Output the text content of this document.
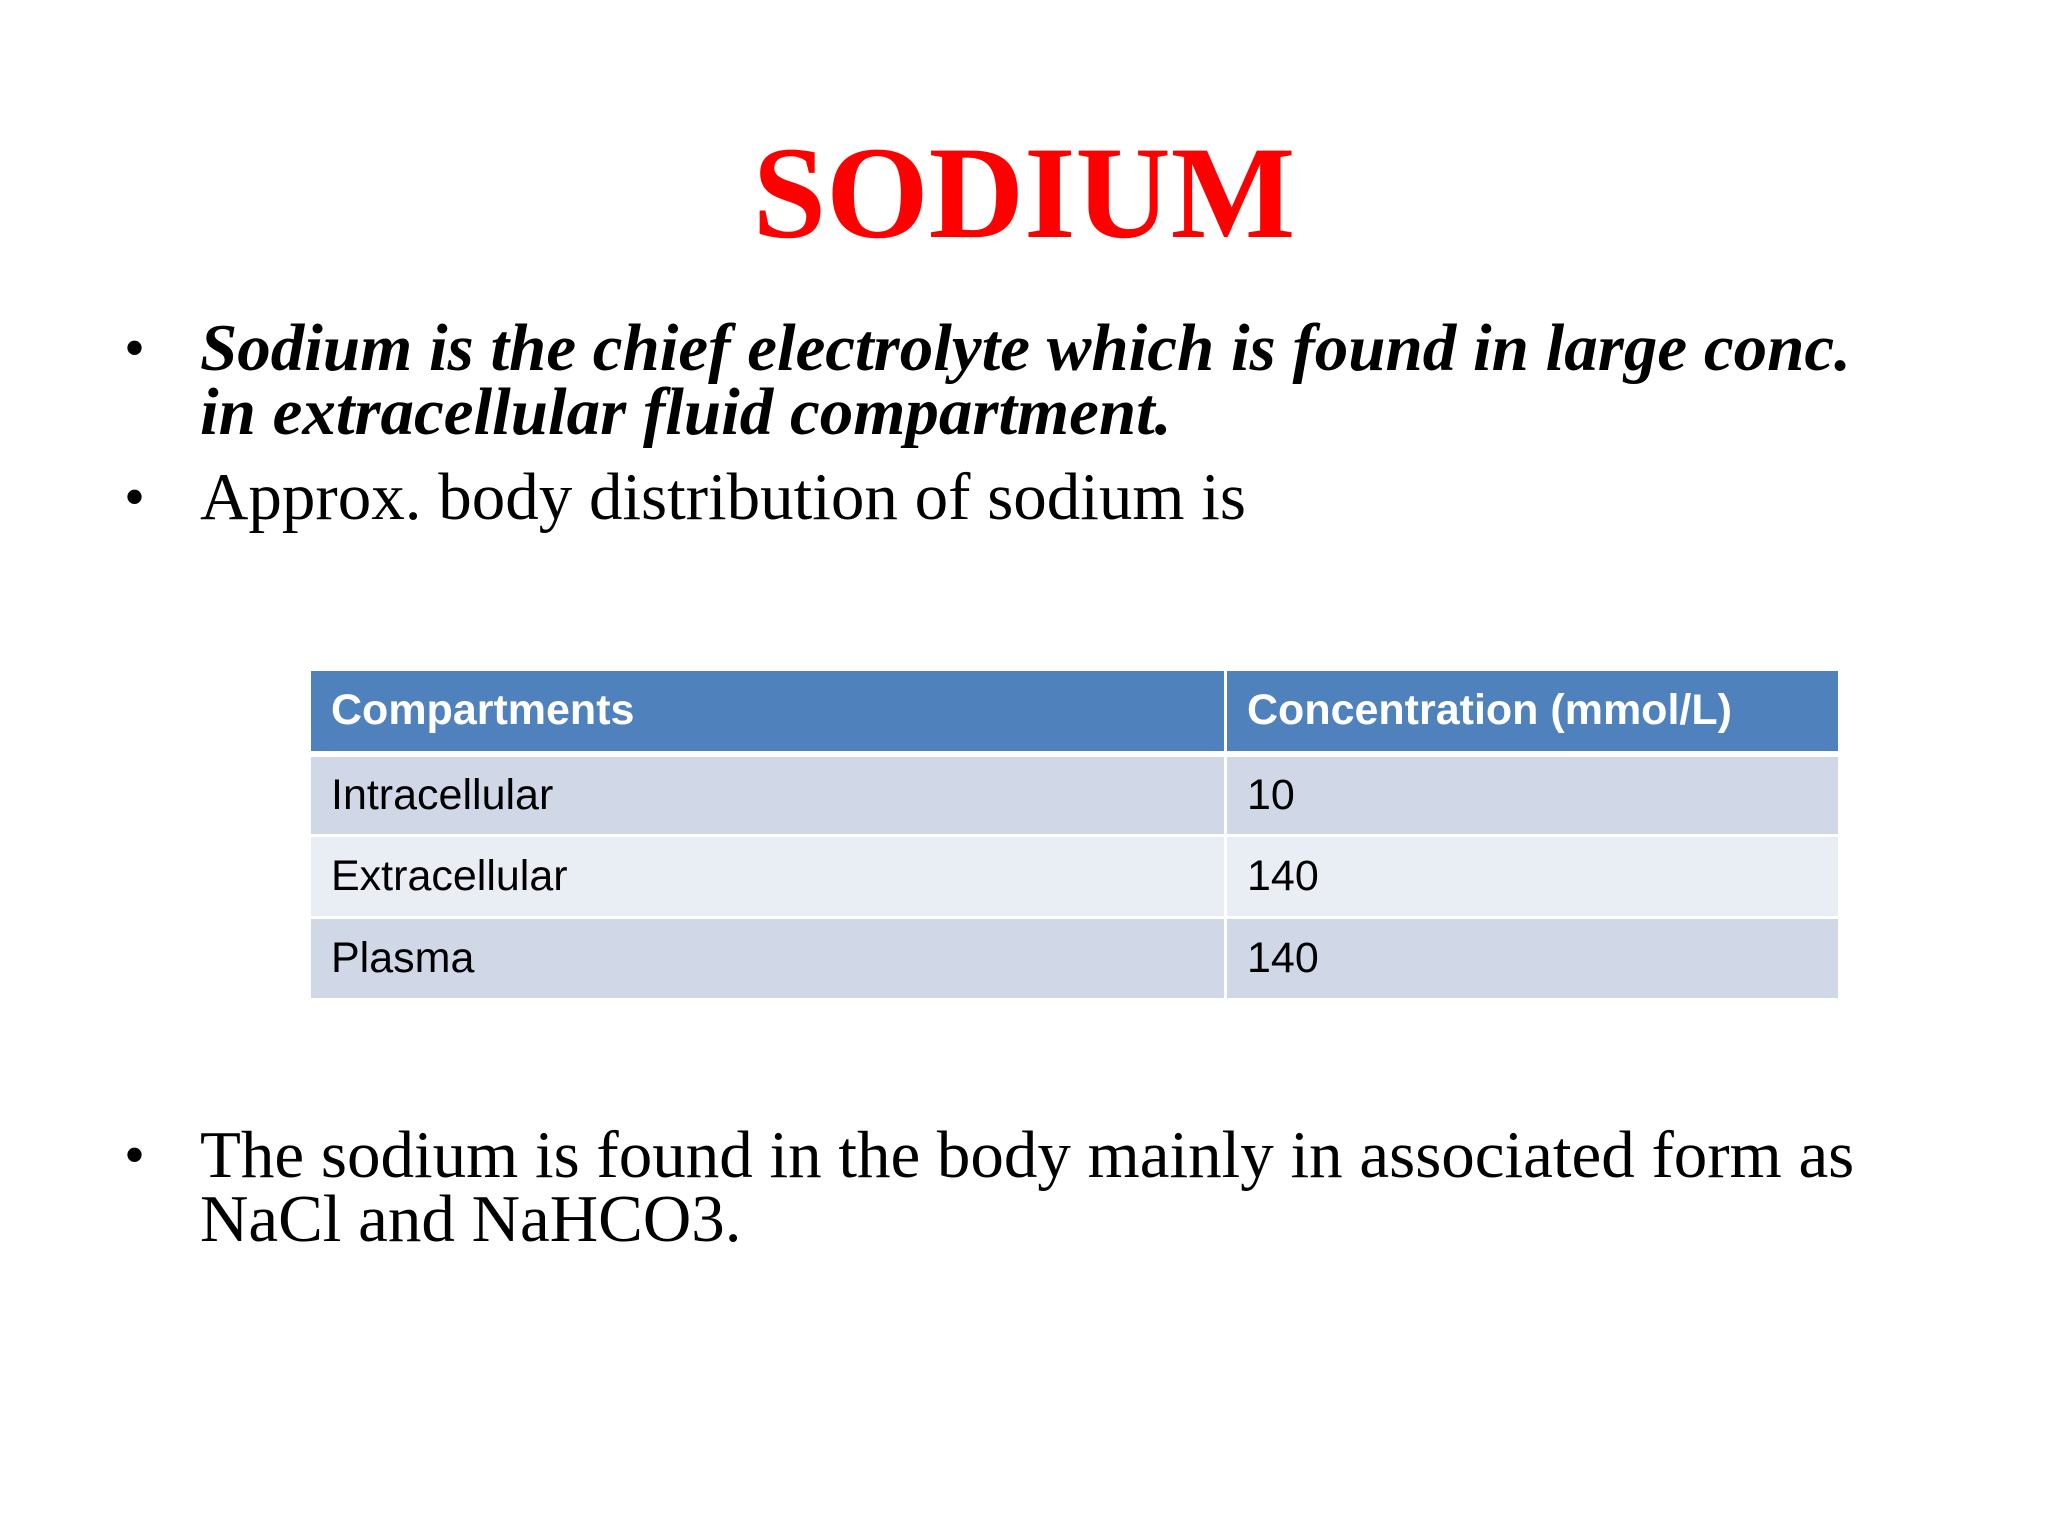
SODIUM
• Sodium is the chief electrolyte which is found in large conc. in extracellular fluid compartment.
• Approx. body distribution of sodium is
Compartments	Concentration (mmol/L)
Intracellular	10
Extracellular	140
Plasma	140
• The sodium is found in the body mainly in associated form as NaCl and NaHCO3.
